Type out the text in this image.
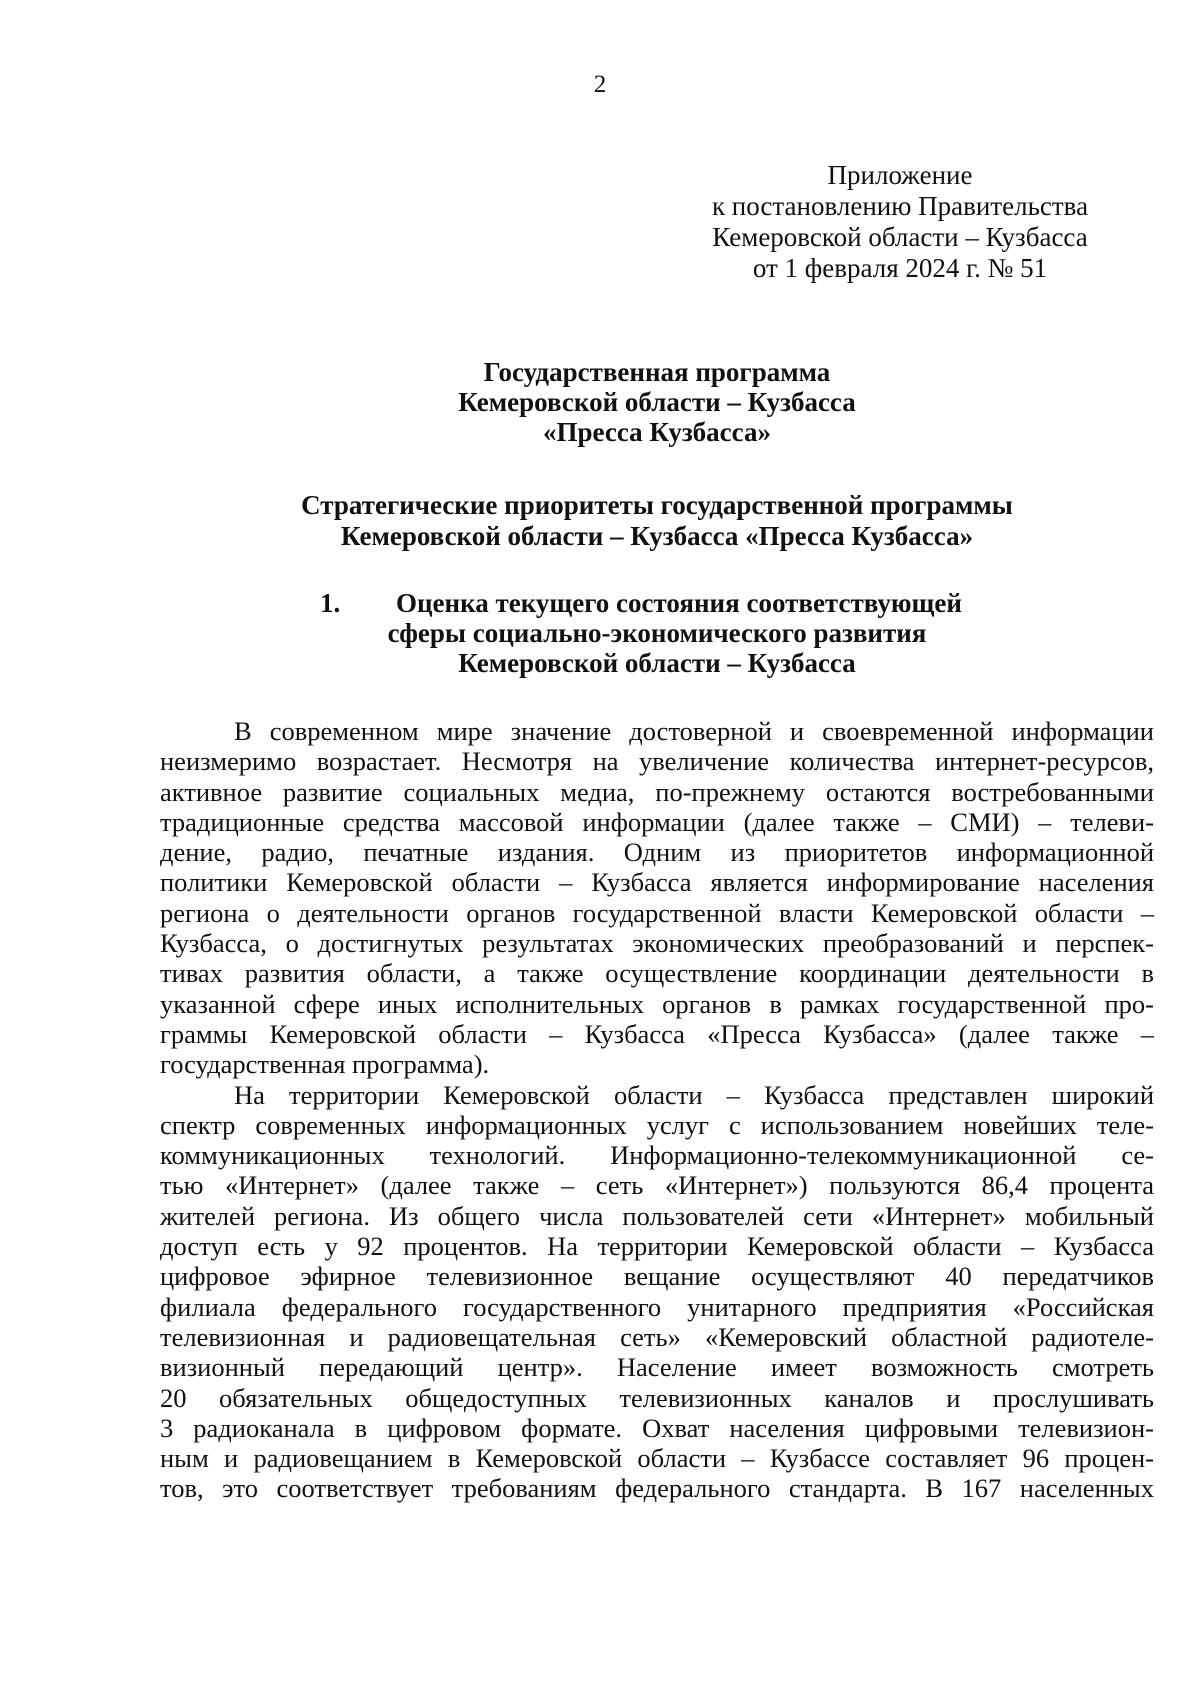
2
Приложение
к постановлению Правительства
Кемеровской области – Кузбасса
от 1 февраля 2024 г. № 51
Государственная программа
Кемеровской области – Кузбасса
«Пресса Кузбасса»
Стратегические приоритеты государственной программы
Кемеровской области – Кузбасса «Пресса Кузбасса»
1. Оценка текущего состояния соответствующей
сферы социально-экономического развития
Кемеровской области – Кузбасса
В современном мире значение достоверной и своевременной информации
неизмеримо возрастает. Несмотря на увеличение количества интернет-ресурсов,
активное развитие социальных медиа, по-прежнему остаются востребованными
традиционные средства массовой информации (далее также – СМИ) – телеви-
дение, радио, печатные издания. Одним из приоритетов информационной
политики Кемеровской области – Кузбасса является информирование населения
региона о деятельности органов государственной власти Кемеровской области –
Кузбасса, о достигнутых результатах экономических преобразований и перспек-
тивах развития области, а также осуществление координации деятельности в
указанной сфере иных исполнительных органов в рамках государственной про-
граммы Кемеровской области – Кузбасса «Пресса Кузбасса» (далее также –
государственная программа).
На территории Кемеровской области – Кузбасса представлен широкий
спектр современных информационных услуг с использованием новейших теле-
коммуникационных технологий. Информационно-телекоммуникационной се-
тью «Интернет» (далее также – сеть «Интернет») пользуются 86,4 процента
жителей региона. Из общего числа пользователей сети «Интернет» мобильный
доступ есть у 92 процентов. На территории Кемеровской области – Кузбасса
цифровое эфирное телевизионное вещание осуществляют 40 передатчиков
филиала федерального государственного унитарного предприятия «Российская
телевизионная и радиовещательная сеть» «Кемеровский областной радиотеле-
визионный передающий центр». Население имеет возможность смотреть
20 обязательных общедоступных телевизионных каналов и прослушивать
3 радиоканала в цифровом формате. Охват населения цифровыми телевизион-
ным и радиовещанием в Кемеровской области – Кузбассе составляет 96 процен-
тов, это соответствует требованиям федерального стандарта. В 167 населенных
